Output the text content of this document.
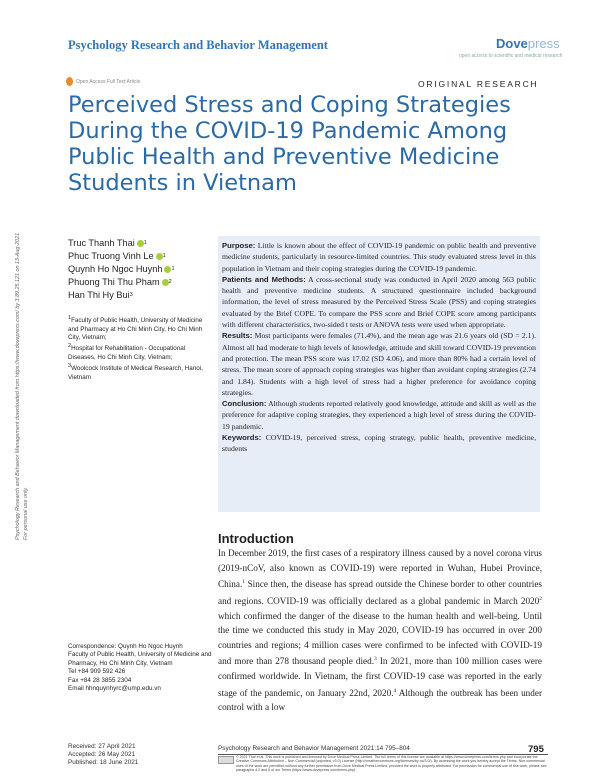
Psychology Research and Behavior Management	Dovepress
open access to scientific and medical research
Open Access Full Text Article	ORIGINAL RESEARCH
Perceived Stress and Coping Strategies During the COVID-19 Pandemic Among Public Health and Preventive Medicine Students in Vietnam
Psychology Research and Behavior Management downloaded from https://www.dovepress.com/ by 3.89.25.121 on 13-Aug-2021 For personal use only.
Truc Thanh Thai 1
Phuc Truong Vinh Le 1
Quynh Ho Ngoc Huynh 1
Phuong Thi Thu Pham 2
Han Thi Hy Bui 3
1Faculty of Public Health, University of Medicine and Pharmacy at Ho Chi Minh City, Ho Chi Minh City, Vietnam;
2Hospital for Rehabilitation - Occupational Diseases, Ho Chi Minh City, Vietnam;
3Woolcock Institute of Medical Research, Hanoi, Vietnam

Purpose: Little is known about the effect of COVID-19 pandemic on public health and preventive medicine students, particularly in resource-limited countries. This study evaluated stress level in this population in Vietnam and their coping strategies during the COVID-19 pandemic.

Patients and Methods: A cross-sectional study was conducted in April 2020 among 563 public health and preventive medicine students. A structured questionnaire included background information, the level of stress measured by the Perceived Stress Scale (PSS) and coping strategies evaluated by the Brief COPE. To compare the PSS score and Brief COPE score among participants with different characteristics, two-sided t tests or ANOVA tests were used when appropriate.

Results: Most participants were females (71.4%), and the mean age was 21.6 years old (SD = 2.1). Almost all had moderate to high levels of knowledge, attitude and skill toward COVID-19 prevention and protection. The mean PSS score was 17.02 (SD 4.06), and more than 80% had a certain level of stress. The mean score of approach coping strategies was higher than avoidant coping strategies (2.74 and 1.84). Students with a high level of stress had a higher preference for avoidance coping strategies.

Conclusion: Although students reported relatively good knowledge, attitude and skill as well as the preference for adaptive coping strategies, they experienced a high level of stress during the COVID-19 pandemic.

Keywords: COVID-19, perceived stress, coping strategy, public health, preventive medicine, students

Introduction

In December 2019, the first cases of a respiratory illness caused by a novel corona virus (2019-nCoV, also known as COVID-19) were reported in Wuhan, Hubei Province, China.$^1$ Since then, the disease has spread outside the Chinese border to other countries and regions. COVID-19 was officially declared as a global pandemic in March 2020$^2$ which confirmed the danger of the disease to the human health and well-being. Until the time we conducted this study in May 2020, COVID-19 has occurred in over 200 countries and regions; 4 million cases were confirmed to be infected with COVID-19 and more than 278 thousand people died.$^3$ In 2021, more than 100 million cases were confirmed worldwide. In Vietnam, the first COVID-19 case was reported in the early stage of the pandemic, on January 22nd, 2020.$^4$ Although the outbreak has been under control with a low

Correspondence: Quynh Ho Ngoc Huynh
Faculty of Public Health, University of Medicine and Pharmacy, Ho Chi Minh City, Vietnam
Tel +84 909 592 426
Fax +84 28 3855 2304
Email hhnquynhyrc@ump.edu.vn
Received: 27 April 2021
Accepted: 26 May 2021
Published: 18 June 2021
Psychology Research and Behavior Management 2021:14 795–804	795
© 2021 Thai et al. This work is published and licensed by Dove Medical Press Limited. The full terms of this license are available at https://www.dovepress.com/terms.php and incorporate the Creative Commons Attribution – Non Commercial (unported, v3.0) License (http://creativecommons.org/licenses/by-nc/3.0/). By accessing the work you hereby accept the Terms. Non-commercial uses of the work are permitted without any further permission from Dove Medical Press Limited, provided the work is properly attributed. For permission for commercial use of this work, please see paragraphs 4.2 and 5 of our Terms (https://www.dovepress.com/terms.php).
